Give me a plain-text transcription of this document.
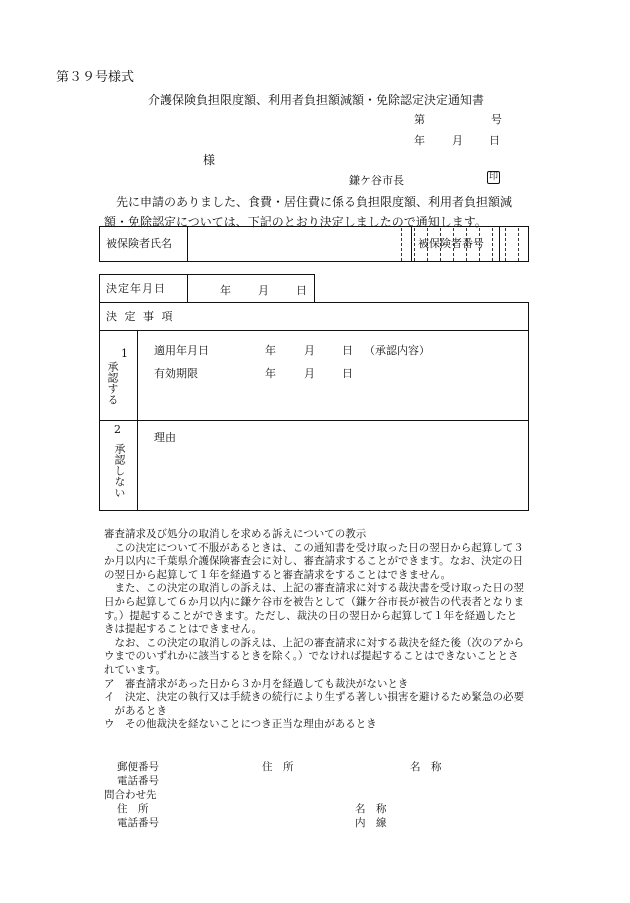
第３９号様式
介護保険負担限度額、利用者負担額減額・免除認定決定通知書
第	号
年 月 日
様
鎌ケ谷市長	印

先に申請のありました、食費・居住費に係る負担限度額、利用者負担額減

額・免除認定については、下記のとおり決定しましたので通知します。
被保険者氏名	被保険者番号
決定年月日	年 月 日
決 定 事 項
1
承認する
適用年月日	年	月 日 （承認内容）
有効期限	年	月 日
2
承認しない
理由

審査請求及び処分の取消しを求める訴えについての教示

この決定について不服があるときは、この通知書を受け取った日の翌日から起算して３か月以内に千葉県介護保険審査会に対し、審査請求することができます。なお、決定の日の翌日から起算して１年を経過すると審査請求をすることはできません。

また、この決定の取消しの訴えは、上記の審査請求に対する裁決書を受け取った日の翌日から起算して６か月以内に鎌ケ谷市を被告として（鎌ケ谷市長が被告の代表者となります。）提起することができます。ただし、裁決の日の翌日から起算して１年を経過したときは提起することはできません。

なお、この決定の取消しの訴えは、上記の審査請求に対する裁決を経た後（次のアからウまでのいずれかに該当するときを除く。）でなければ提起することはできないこととされています。

ア　審査請求があった日から３か月を経過しても裁決がないとき

イ　決定、決定の執行又は手続きの続行により生ずる著しい損害を避けるため緊急の必要があるとき

ウ　その他裁決を経ないことにつき正当な理由があるとき

郵便番号	住　所	名　称
電話番号
問合わせ先
住　所	名　称
電話番号	内　線
